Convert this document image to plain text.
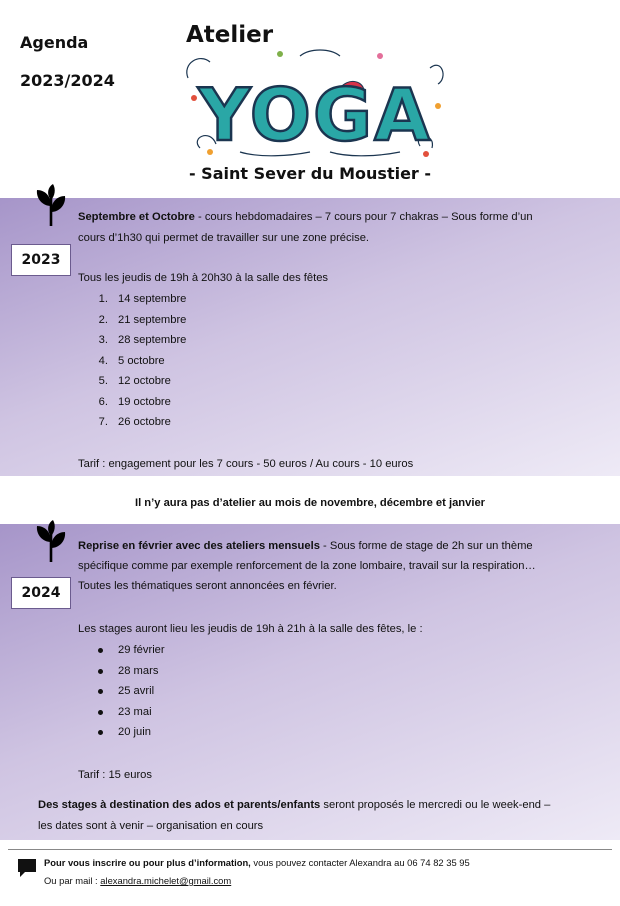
Agenda
2023/2024
Atelier
YOGA
- Saint Sever du Moustier -
2023
Septembre et Octobre - cours hebdomadaires – 7 cours pour 7 chakras – Sous forme d’un
cours d’1h30 qui permet de travailler sur une zone précise.
Tous les jeudis de 19h à 20h30 à la salle des fêtes
1. 14 septembre
2. 21 septembre
3. 28 septembre
4. 5 octobre
5. 12 octobre
6. 19 octobre
7. 26 octobre
Tarif : engagement pour les 7 cours - 50 euros / Au cours - 10 euros
Il n’y aura pas d’atelier au mois de novembre, décembre et janvier
2024
Reprise en février avec des ateliers mensuels - Sous forme de stage de 2h sur un thème
spécifique comme par exemple renforcement de la zone lombaire, travail sur la respiration…
Toutes les thématiques seront annoncées en février.
Les stages auront lieu les jeudis de 19h à 21h à la salle des fêtes, le :
29 février
28 mars
25 avril
23 mai
20 juin
Tarif : 15 euros
Des stages à destination des ados et parents/enfants seront proposés le mercredi ou le week-end –
les dates sont à venir – organisation en cours
Pour vous inscrire ou pour plus d’information, vous pouvez contacter Alexandra au 06 74 82 35 95
Ou par mail : alexandra.michelet@gmail.com
